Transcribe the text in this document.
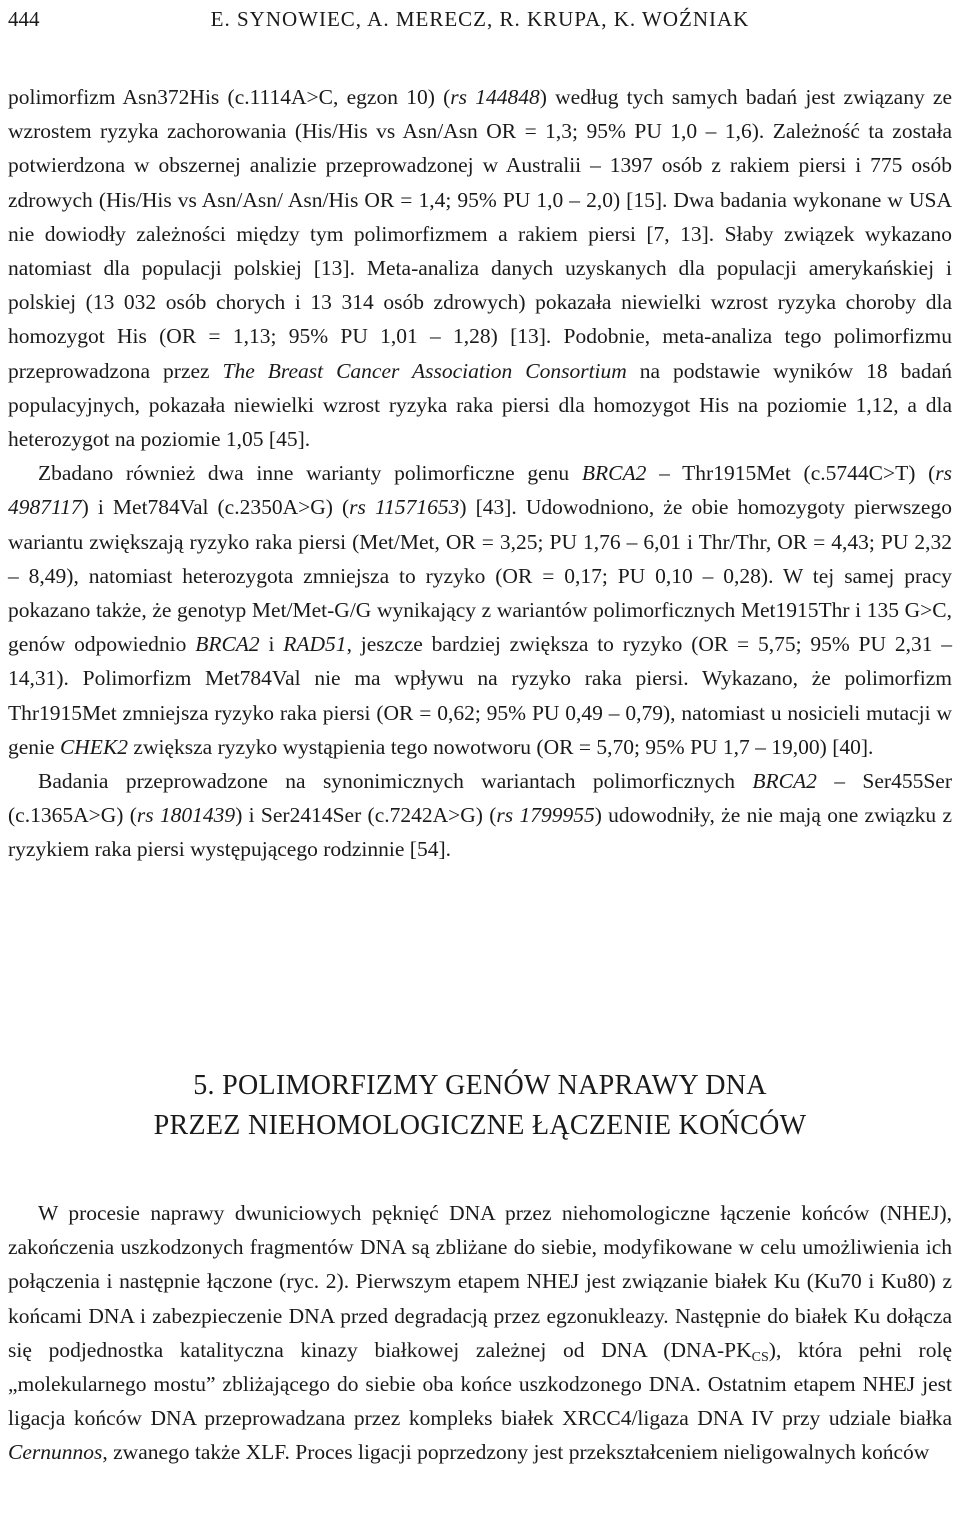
444	E. SYNOWIEC, A. MERECZ, R. KRUPA, K. WOŹNIAK

polimorfizm Asn372His (c.1114A>C, egzon 10) (rs 144848) według tych samych badań jest związany ze wzrostem ryzyka zachorowania (His/His vs Asn/Asn OR = 1,3; 95% PU 1,0 – 1,6). Zależność ta została potwierdzona w obszernej analizie przeprowadzonej w Australii – 1397 osób z rakiem piersi i 775 osób zdrowych (His/His vs Asn/Asn/ Asn/His OR = 1,4; 95% PU 1,0 – 2,0) [15]. Dwa badania wykonane w USA nie dowiodły zależności między tym polimorfizmem a rakiem piersi [7, 13]. Słaby związek wykazano natomiast dla populacji polskiej [13]. Meta-analiza danych uzyskanych dla populacji amerykańskiej i polskiej (13 032 osób chorych i 13 314 osób zdrowych) pokazała niewielki wzrost ryzyka choroby dla homozygot His (OR = 1,13; 95% PU 1,01 – 1,28) [13]. Podobnie, meta-analiza tego polimorfizmu przeprowadzona przez The Breast Cancer Association Consortium na podstawie wyników 18 badań populacyjnych, pokazała niewielki wzrost ryzyka raka piersi dla homozygot His na poziomie 1,12, a dla heterozygot na poziomie 1,05 [45].

Zbadano również dwa inne warianty polimorficzne genu BRCA2 – Thr1915Met (c.5744C>T) (rs 4987117) i Met784Val (c.2350A>G) (rs 11571653) [43]. Udowodniono, że obie homozygoty pierwszego wariantu zwiększają ryzyko raka piersi (Met/Met, OR = 3,25; PU 1,76 – 6,01 i Thr/Thr, OR = 4,43; PU 2,32 – 8,49), natomiast heterozygota zmniejsza to ryzyko (OR = 0,17; PU 0,10 – 0,28). W tej samej pracy pokazano także, że genotyp Met/Met-G/G wynikający z wariantów polimorficznych Met1915Thr i 135 G>C, genów odpowiednio BRCA2 i RAD51, jeszcze bardziej zwiększa to ryzyko (OR = 5,75; 95% PU 2,31 – 14,31). Polimorfizm Met784Val nie ma wpływu na ryzyko raka piersi. Wykazano, że polimorfizm Thr1915Met zmniejsza ryzyko raka piersi (OR = 0,62; 95% PU 0,49 – 0,79), natomiast u nosicieli mutacji w genie CHEK2 zwiększa ryzyko wystąpienia tego nowotworu (OR = 5,70; 95% PU 1,7 – 19,00) [40].

Badania przeprowadzone na synonimicznych wariantach polimorficznych BRCA2 – Ser455Ser (c.1365A>G) (rs 1801439) i Ser2414Ser (c.7242A>G) (rs 1799955) udowodniły, że nie mają one związku z ryzykiem raka piersi występującego rodzinnie [54].

5. POLIMORFIZMY GENÓW NAPRAWY DNA
PRZEZ NIEHOMOLOGICZNE ŁĄCZENIE KOŃCÓW

W procesie naprawy dwuniciowych pęknięć DNA przez niehomologiczne łączenie końców (NHEJ), zakończenia uszkodzonych fragmentów DNA są zbliżane do siebie, modyfikowane w celu umożliwienia ich połączenia i następnie łączone (ryc. 2). Pierwszym etapem NHEJ jest związanie białek Ku (Ku70 i Ku80) z końcami DNA i zabezpieczenie DNA przed degradacją przez egzonukleazy. Następnie do białek Ku dołącza się podjednostka katalityczna kinazy białkowej zależnej od DNA $(DNA-PK_{CS})$, która pełni rolę „molekularnego mostu” zbliżającego do siebie oba końce uszkodzonego DNA. Ostatnim etapem NHEJ jest ligacja końców DNA przeprowadzana przez kompleks białek XRCC4/ligaza DNA IV przy udziale białka Cernunnos, zwanego także XLF. Proces ligacji poprzedzony jest przekształceniem nieligowalnych końców
